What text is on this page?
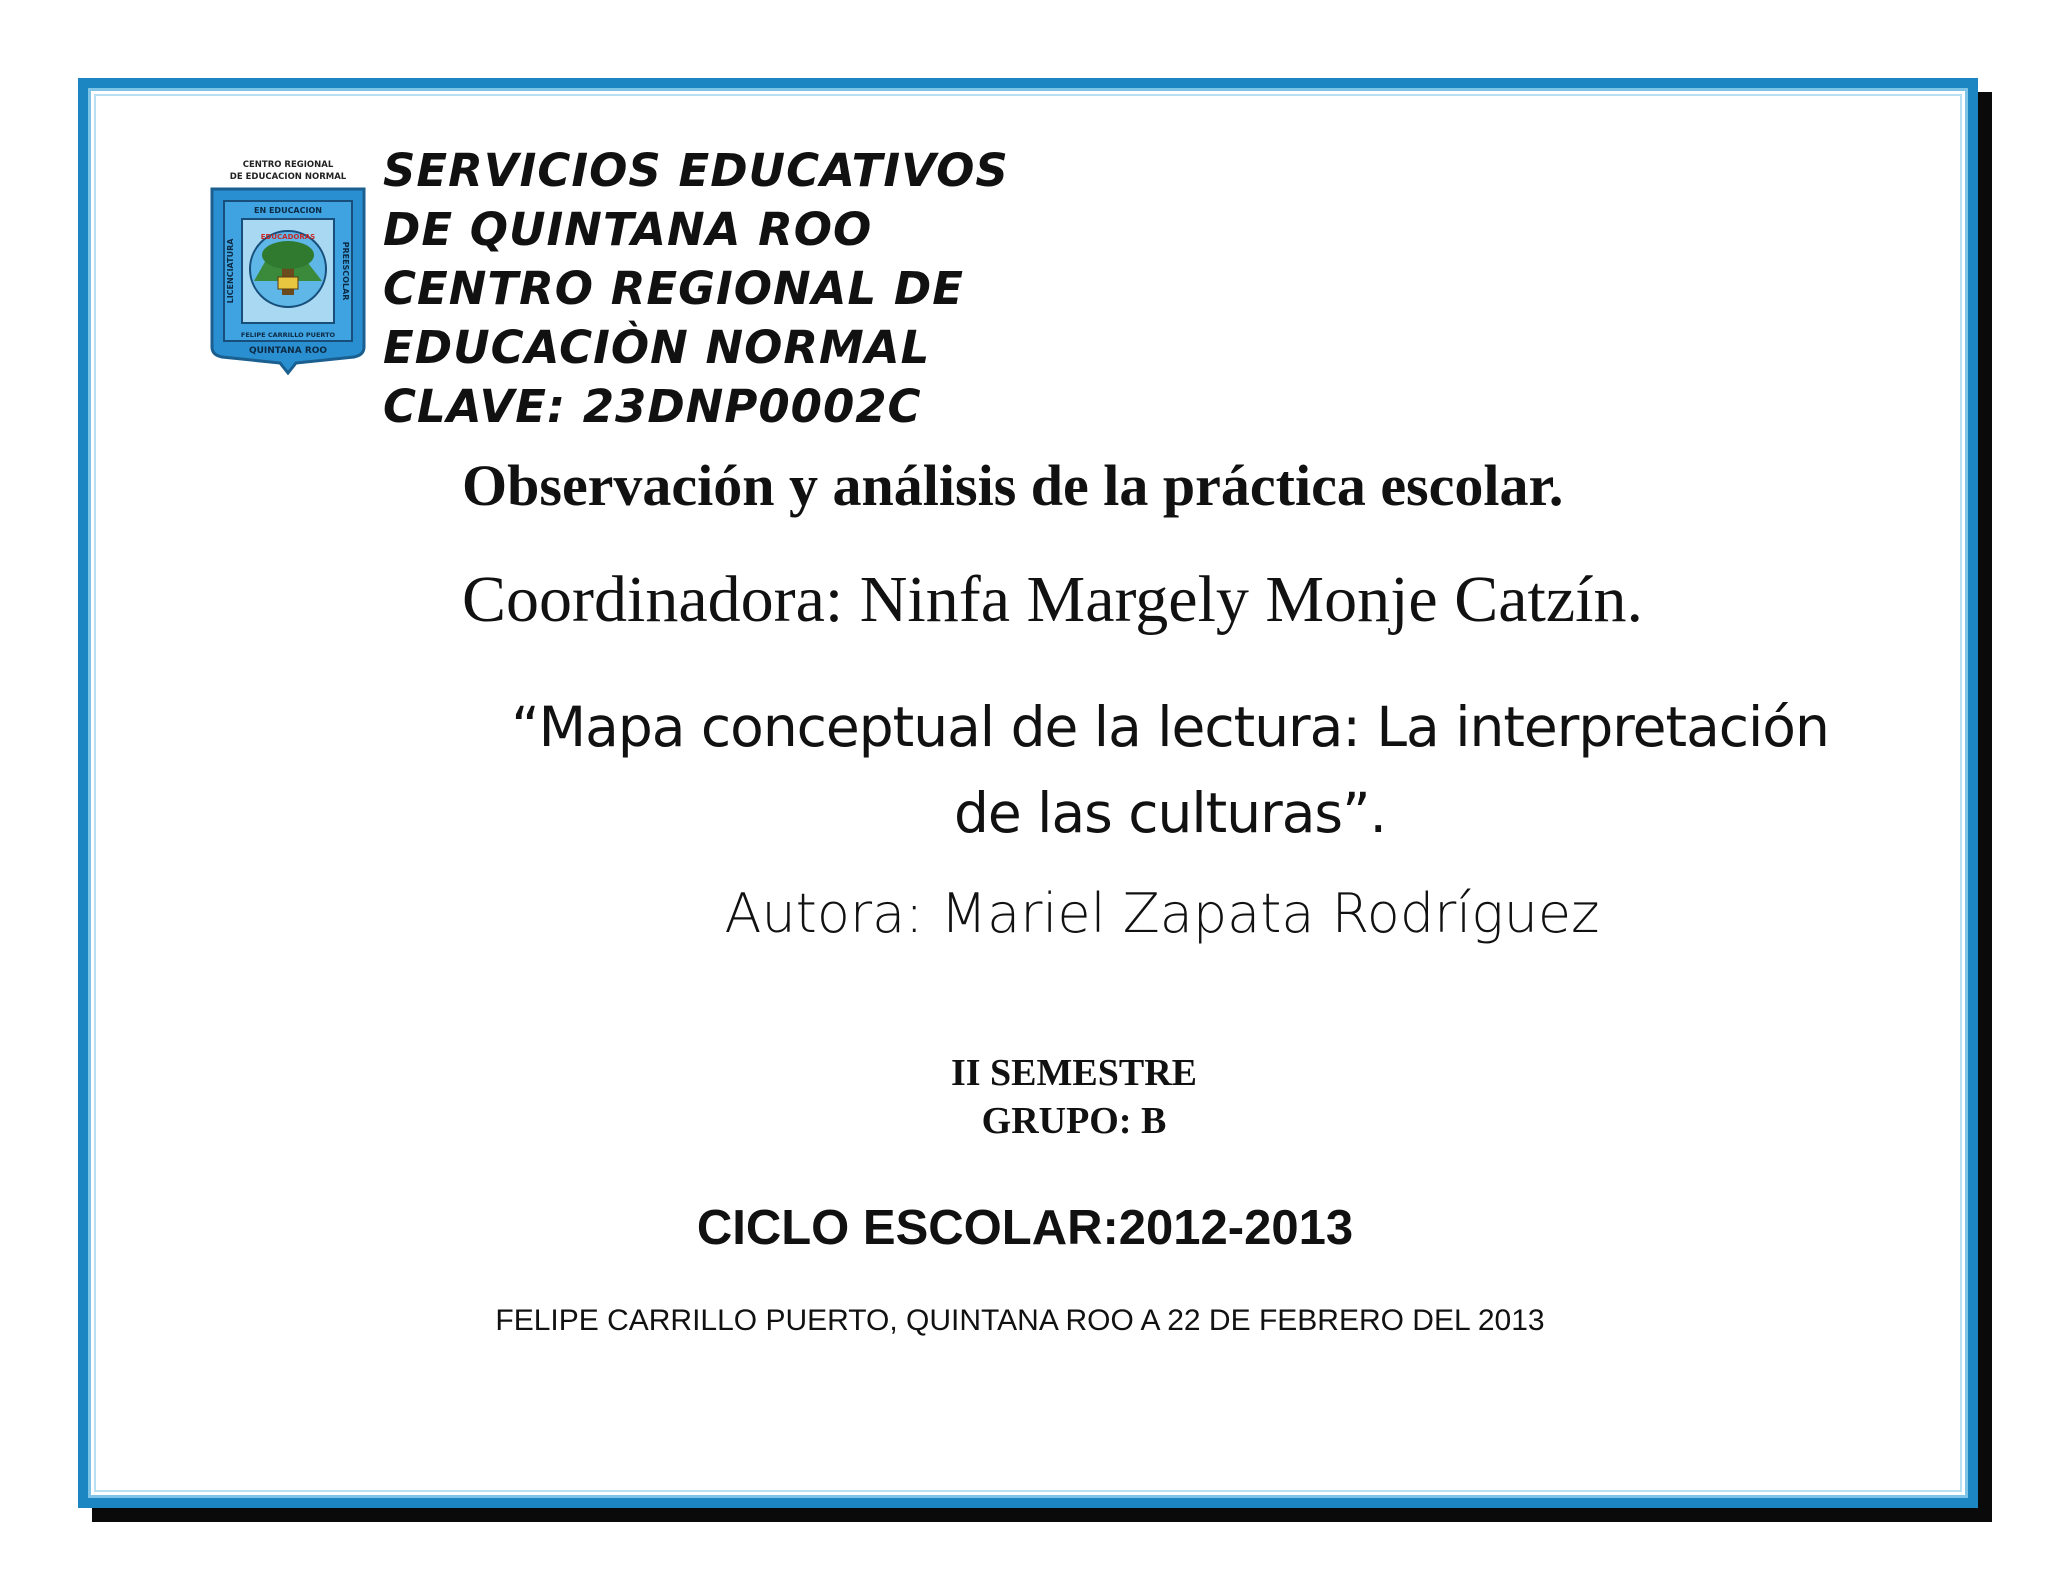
CENTRO REGIONAL
DE EDUCACION NORMAL
EN EDUCACION
LICENCIATURA	PREESCOLAR
EDUCADORAS
FELIPE CARRILLO PUERTO
QUINTANA ROO
SERVICIOS EDUCATIVOS
DE QUINTANA ROO
CENTRO REGIONAL DE
EDUCACIÒN NORMAL
CLAVE: 23DNP0002C
Observación y análisis de la práctica escolar.
Coordinadora: Ninfa Margely Monje Catzín.
“Mapa conceptual de la lectura: La interpretación
de las culturas”.
Autora: Mariel Zapata Rodríguez
II SEMESTRE
GRUPO: B
CICLO ESCOLAR:2012-2013
FELIPE CARRILLO PUERTO, QUINTANA ROO A 22 DE FEBRERO DEL 2013
